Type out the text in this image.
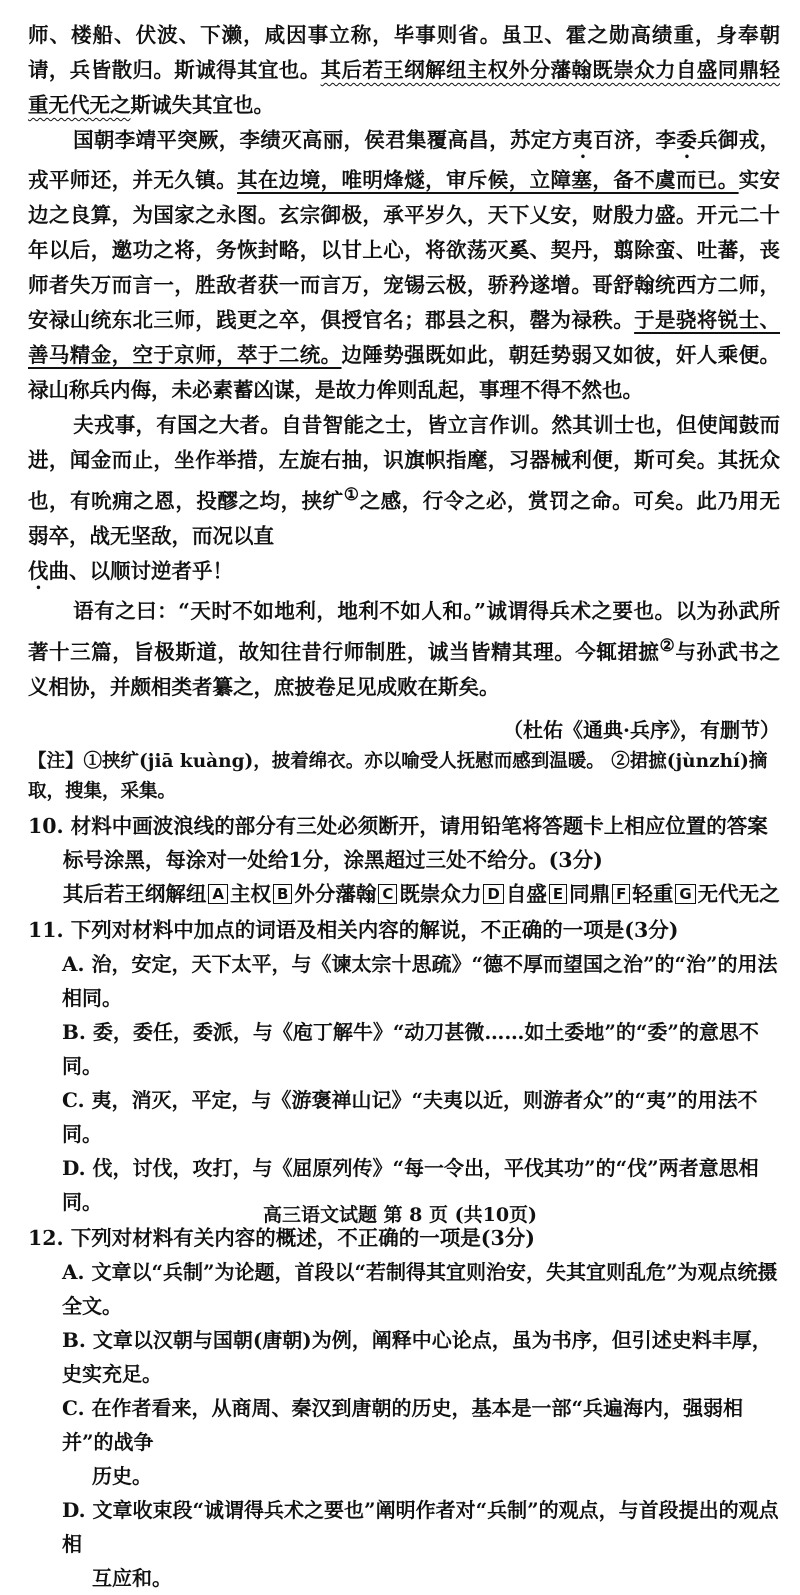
师、楼船、伏波、下濑，咸因事立称，毕事则省。虽卫、霍之勋高绩重，身奉朝请，兵皆散归。斯诚得其宜也。其后若王纲解纽主权外分藩翰既崇众力自盛同鼎轻重无代无之斯诚失其宜也。

国朝李靖平突厥，李绩灭高丽，侯君集覆高昌，苏定方夷百济，李委兵御戎，戎平师还，并无久镇。其在边境，唯明烽燧，审斥候，立障塞，备不虞而已。实安边之良算，为国家之永图。玄宗御极，承平岁久，天下乂安，财殷力盛。开元二十年以后，邀功之将，务恢封略，以甘上心，将欲荡灭奚、契丹，翦除蛮、吐蕃，丧师者失万而言一，胜敌者获一而言万，宠锡云极，骄矜遂增。哥舒翰统西方二师，安禄山统东北三师，践更之卒，俱授官名；郡县之积，罄为禄秩。于是骁将锐士、善马精金，空于京师，萃于二统。边陲势强既如此，朝廷势弱又如彼，奸人乘便。禄山称兵内侮，未必素蓄凶谋，是故力侔则乱起，事理不得不然也。

夫戎事，有国之大者。自昔智能之士，皆立言作训。然其训士也，但使闻鼓而进，闻金而止，坐作举措，左旋右抽，识旗帜指麾，习器械利便，斯可矣。其抚众也，有吮痈之恩，投醪之均，挟纩①之感，行令之必，赏罚之命。可矣。此乃用无弱卒，战无坚敌，而况以直
伐曲、以顺讨逆者乎！

语有之曰：“天时不如地利，地利不如人和。”诚谓得兵术之要也。以为孙武所著十三篇，旨极斯道，故知往昔行师制胜，诚当皆精其理。今辄捃摭②与孙武书之义相协，并颇相类者纂之，庶披卷足见成败在斯矣。

（杜佑《通典·兵序》，有删节）

【注】①挟纩(jiā kuàng)，披着绵衣。亦以喻受人抚慰而感到温暖。 ②捃摭(jùnzhí)摘取，搜集，采集。

10. 材料中画波浪线的部分有三处必须断开，请用铅笔将答题卡上相应位置的答案标号涂黑，每涂对一处给1分，涂黑超过三处不给分。(3分)
其后若王纲解纽 A 主权 B 外分藩翰 C 既崇众力 D 自盛 E 同鼎 F 轻重 G 无代无之
11. 下列对材料中加点的词语及相关内容的解说，不正确的一项是(3分)

A. 治，安定，天下太平，与《谏太宗十思疏》“德不厚而望国之治”的“治”的用法相同。

B. 委，委任，委派，与《庖丁解牛》“动刀甚微……如土委地”的“委”的意思不同。

C. 夷，消灭，平定，与《游褒禅山记》“夫夷以近，则游者众”的“夷”的用法不同。

D. 伐，讨伐，攻打，与《屈原列传》“每一令出，平伐其功”的“伐”两者意思相同。

12. 下列对材料有关内容的概述，不正确的一项是(3分)

A. 文章以“兵制”为论题，首段以“若制得其宜则治安，失其宜则乱危”为观点统摄全文。

B. 文章以汉朝与国朝(唐朝)为例，阐释中心论点，虽为书序，但引述史料丰厚，史实充足。

C. 在作者看来，从商周、秦汉到唐朝的历史，基本是一部“兵遍海内，强弱相并”的战争
历史。

D. 文章收束段“诚谓得兵术之要也”阐明作者对“兵制”的观点，与首段提出的观点相
互应和。

高三语文试题 第 8 页 (共10页)
